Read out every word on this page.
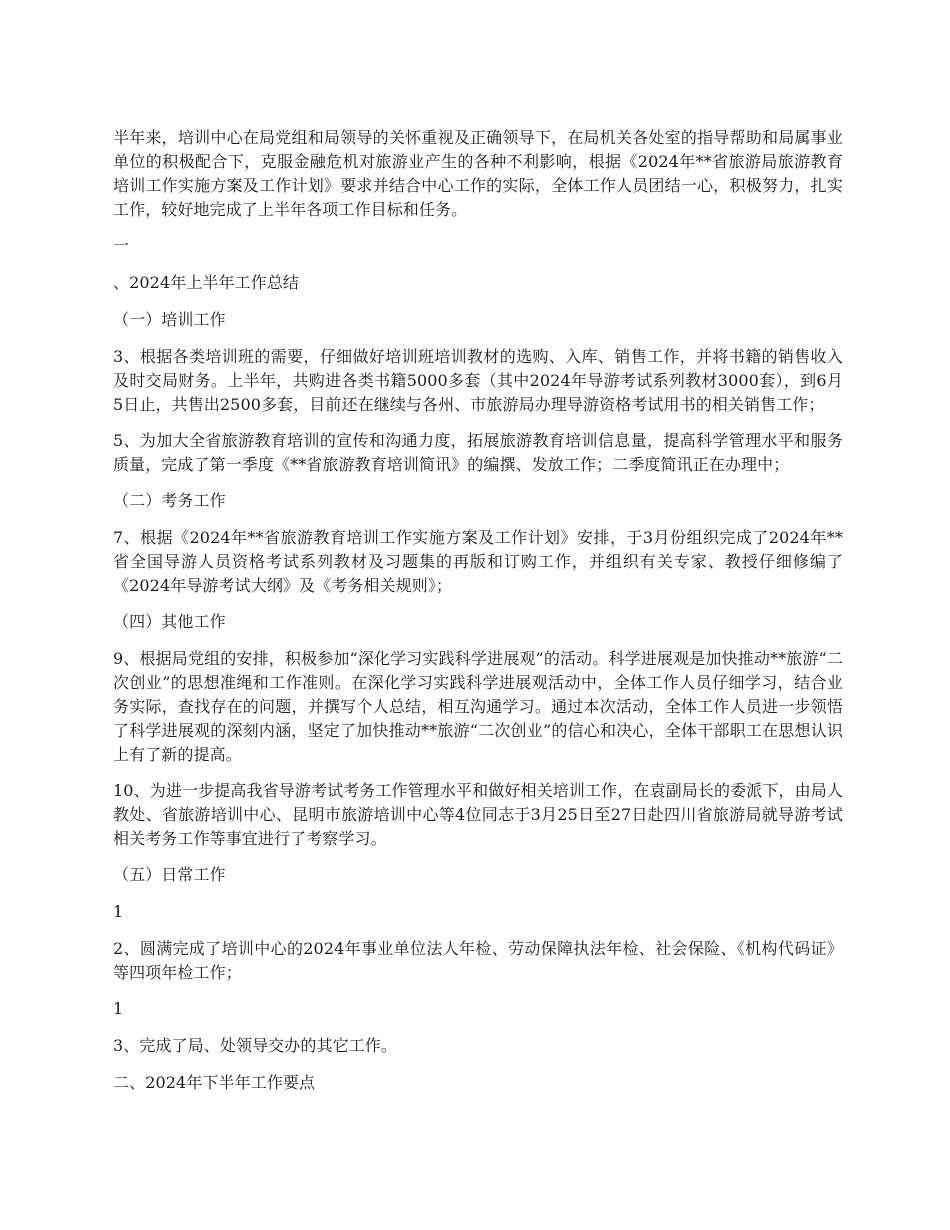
半年来，培训中心在局党组和局领导的关怀重视及正确领导下，在局机关各处室的指导帮助和局属事业单位的积极配合下，克服金融危机对旅游业产生的各种不利影响，根据《2024年**省旅游局旅游教育培训工作实施方案及工作计划》要求并结合中心工作的实际，全体工作人员团结一心，积极努力，扎实工作，较好地完成了上半年各项工作目标和任务。

一

、2024年上半年工作总结

（一）培训工作

3、根据各类培训班的需要，仔细做好培训班培训教材的选购、入库、销售工作，并将书籍的销售收入及时交局财务。上半年，共购进各类书籍5000多套（其中2024年导游考试系列教材3000套），到6月5日止，共售出2500多套，目前还在继续与各州、市旅游局办理导游资格考试用书的相关销售工作；

5、为加大全省旅游教育培训的宣传和沟通力度，拓展旅游教育培训信息量，提高科学管理水平和服务质量，完成了第一季度《**省旅游教育培训简讯》的编撰、发放工作；二季度简讯正在办理中；

（二）考务工作

7、根据《2024年**省旅游教育培训工作实施方案及工作计划》安排，于3月份组织完成了2024年**省全国导游人员资格考试系列教材及习题集的再版和订购工作，并组织有关专家、教授仔细修编了《2024年导游考试大纲》及《考务相关规则》；

（四）其他工作

9、根据局党组的安排，积极参加“深化学习实践科学进展观”的活动。科学进展观是加快推动**旅游“二次创业”的思想准绳和工作准则。在深化学习实践科学进展观活动中，全体工作人员仔细学习，结合业务实际，查找存在的问题，并撰写个人总结，相互沟通学习。通过本次活动，全体工作人员进一步领悟了科学进展观的深刻内涵，坚定了加快推动**旅游“二次创业”的信心和决心，全体干部职工在思想认识上有了新的提高。

10、为进一步提高我省导游考试考务工作管理水平和做好相关培训工作，在袁副局长的委派下，由局人教处、省旅游培训中心、昆明市旅游培训中心等4位同志于3月25日至27日赴四川省旅游局就导游考试相关考务工作等事宜进行了考察学习。

（五）日常工作

1

2、圆满完成了培训中心的2024年事业单位法人年检、劳动保障执法年检、社会保险、《机构代码证》等四项年检工作；

1

3、完成了局、处领导交办的其它工作。

二、2024年下半年工作要点
